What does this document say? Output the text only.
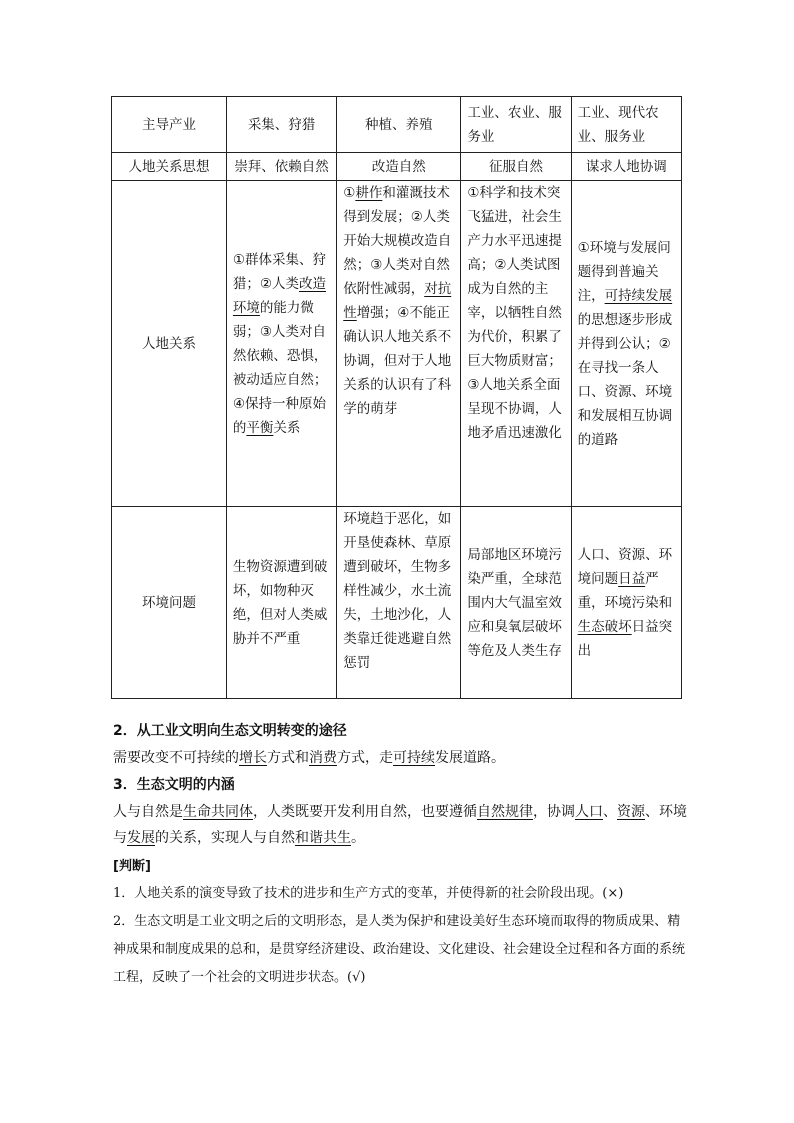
主导产业	采集、狩猎	种植、养殖	工业、农业、服务业	工业、现代农业、服务业
人地关系思想	崇拜、依赖自然	改造自然	征服自然	谋求人地协调
人地关系	①群体采集、狩猎；②人类改造环境的能力微弱；③人类对自然依赖、恐惧，被动适应自然；④保持一种原始的平衡关系	①耕作和灌溉技术得到发展；②人类开始大规模改造自然；③人类对自然依附性减弱，对抗性增强；④不能正确认识人地关系不协调，但对于人地关系的认识有了科学的萌芽	①科学和技术突飞猛进，社会生产力水平迅速提高；②人类试图成为自然的主宰，以牺牲自然为代价，积累了巨大物质财富；③人地关系全面呈现不协调，人地矛盾迅速激化	①环境与发展问题得到普遍关注，可持续发展的思想逐步形成并得到公认；②在寻找一条人口、资源、环境和发展相互协调的道路
环境问题	生物资源遭到破坏，如物种灭绝，但对人类威胁并不严重	环境趋于恶化，如开垦使森林、草原遭到破坏，生物多样性减少，水土流失，土地沙化，人类靠迁徙逃避自然惩罚	局部地区环境污染严重，全球范围内大气温室效应和臭氧层破坏等危及人类生存	人口、资源、环境问题日益严重，环境污染和生态破坏日益突出
2．从工业文明向生态文明转变的途径
需要改变不可持续的增长方式和消费方式，走可持续发展道路。
3．生态文明的内涵
人与自然是生命共同体，人类既要开发利用自然，也要遵循自然规律，协调人口、资源、环境与发展的关系，实现人与自然和谐共生。
[判断]
1．人地关系的演变导致了技术的进步和生产方式的变革，并使得新的社会阶段出现。(×)
2．生态文明是工业文明之后的文明形态，是人类为保护和建设美好生态环境而取得的物质成果、精神成果和制度成果的总和，是贯穿经济建设、政治建设、文化建设、社会建设全过程和各方面的系统工程，反映了一个社会的文明进步状态。(√)
